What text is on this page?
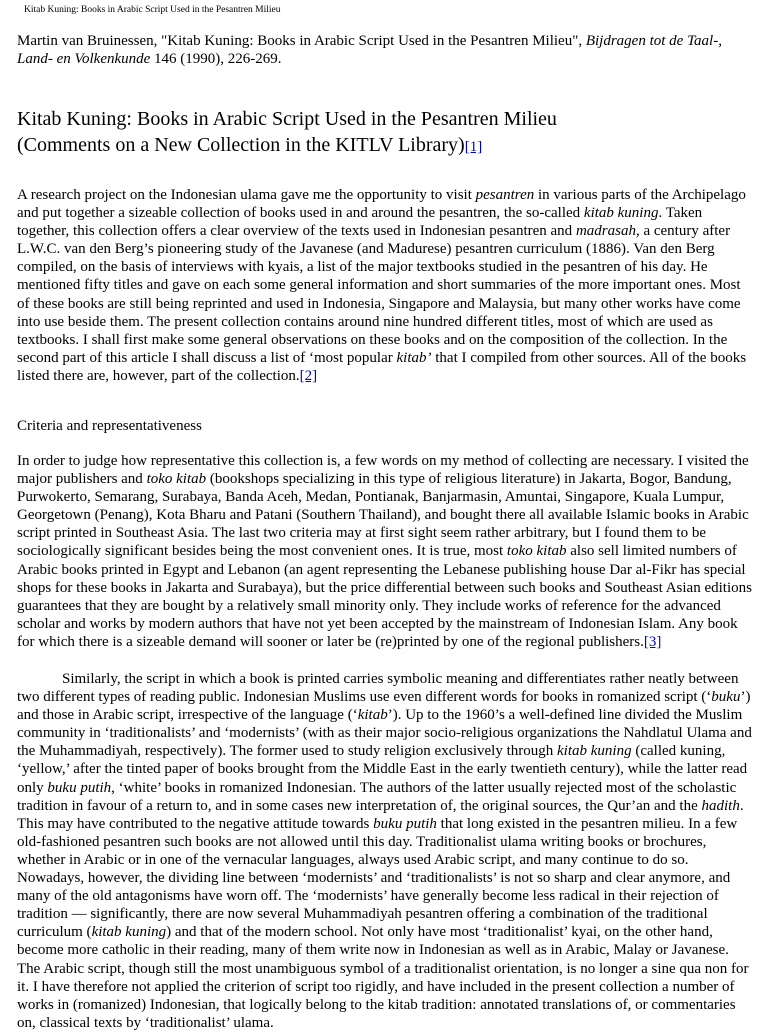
Kitab Kuning: Books in Arabic Script Used in the Pesantren Milieu

Martin van Bruinessen, "Kitab Kuning: Books in Arabic Script Used in the Pesantren Milieu", Bijdragen tot de Taal-, Land- en Volkenkunde 146 (1990), 226-269.

Kitab Kuning: Books in Arabic Script Used in the Pesantren Milieu
(Comments on a New Collection in the KITLV Library)[1]

A research project on the Indonesian ulama gave me the opportunity to visit pesantren in various parts of the Archipelago and put together a sizeable collection of books used in and around the pesantren, the so-called kitab kuning. Taken together, this collection offers a clear overview of the texts used in Indonesian pesantren and madrasah, a century after L.W.C. van den Berg’s pioneering study of the Javanese (and Madurese) pesantren curriculum (1886). Van den Berg compiled, on the basis of interviews with kyais, a list of the major textbooks studied in the pesantren of his day. He mentioned fifty titles and gave on each some general information and short summaries of the more important ones. Most of these books are still being reprinted and used in Indonesia, Singapore and Malaysia, but many other works have come into use beside them. The present collection contains around nine hundred different titles, most of which are used as textbooks. I shall first make some general observations on these books and on the composition of the collection. In the second part of this article I shall discuss a list of ‘most popular kitab’ that I compiled from other sources. All of the books listed there are, however, part of the collection.[2]

Criteria and representativeness

In order to judge how representative this collection is, a few words on my method of collecting are necessary. I visited the major publishers and toko kitab (bookshops specializing in this type of religious literature) in Jakarta, Bogor, Bandung, Purwokerto, Semarang, Surabaya, Banda Aceh, Medan, Pontianak, Banjarmasin, Amuntai, Singapore, Kuala Lumpur, Georgetown (Penang), Kota Bharu and Patani (Southern Thailand), and bought there all available Islamic books in Arabic script printed in Southeast Asia. The last two criteria may at first sight seem rather arbitrary, but I found them to be sociologically significant besides being the most convenient ones. It is true, most toko kitab also sell limited numbers of Arabic books printed in Egypt and Lebanon (an agent representing the Lebanese publishing house Dar al-Fikr has special shops for these books in Jakarta and Surabaya), but the price differential between such books and Southeast Asian editions guarantees that they are bought by a relatively small minority only. They include works of reference for the advanced scholar and works by modern authors that have not yet been accepted by the mainstream of Indonesian Islam. Any book for which there is a sizeable demand will sooner or later be (re)printed by one of the regional publishers.[3]

Similarly, the script in which a book is printed carries symbolic meaning and differentiates rather neatly between two different types of reading public. Indonesian Muslims use even different words for books in romanized script (‘buku’) and those in Arabic script, irrespective of the language (‘kitab’). Up to the 1960’s a well-defined line divided the Muslim community in ‘traditionalists’ and ‘modernists’ (with as their major socio-religious organizations the Nahdlatul Ulama and the Muhammadiyah, respectively). The former used to study religion exclusively through kitab kuning (called kuning, ‘yellow,’ after the tinted paper of books brought from the Middle East in the early twentieth century), while the latter read only buku putih, ‘white’ books in romanized Indonesian. The authors of the latter usually rejected most of the scholastic tradition in favour of a return to, and in some cases new interpretation of, the original sources, the Qur’an and the hadith. This may have contributed to the negative attitude towards buku putih that long existed in the pesantren milieu. In a few old-fashioned pesantren such books are not allowed until this day. Traditionalist ulama writing books or brochures, whether in Arabic or in one of the vernacular languages, always used Arabic script, and many continue to do so. Nowadays, however, the dividing line between ‘modernists’ and ‘traditionalists’ is not so sharp and clear anymore, and many of the old antagonisms have worn off. The ‘modernists’ have generally become less radical in their rejection of tradition — significantly, there are now several Muhammadiyah pesantren offering a combination of the traditional curriculum (kitab kuning) and that of the modern school. Not only have most ‘traditionalist’ kyai, on the other hand, become more catholic in their reading, many of them write now in Indonesian as well as in Arabic, Malay or Javanese. The Arabic script, though still the most unambiguous symbol of a traditionalist orientation, is no longer a sine qua non for it. I have therefore not applied the criterion of script too rigidly, and have included in the present collection a number of works in (romanized) Indonesian, that logically belong to the kitab tradition: annotated translations of, or commentaries on, classical texts by ‘traditionalist’ ulama.
